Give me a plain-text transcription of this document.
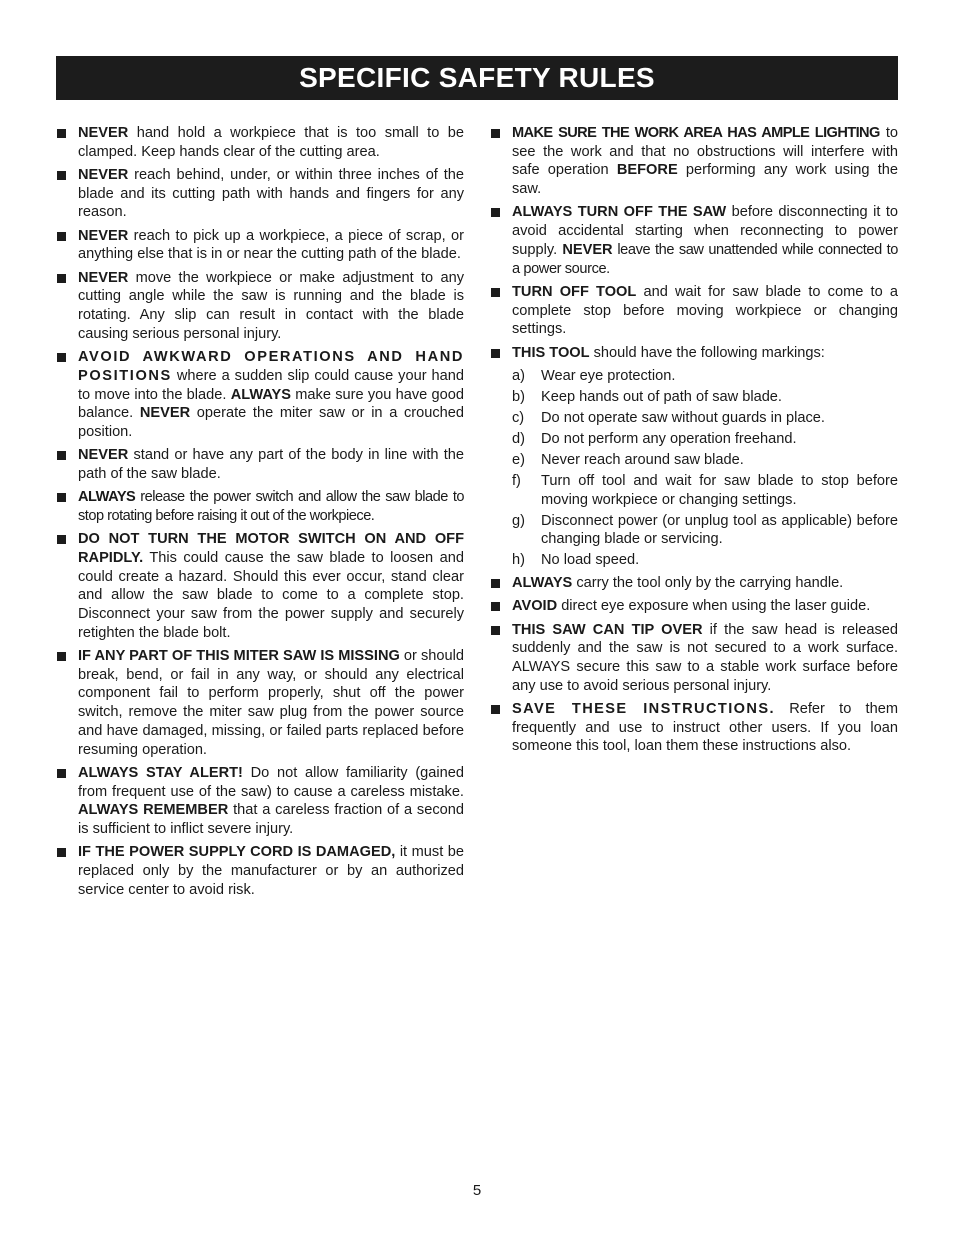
SPECIFIC SAFETY RULES
NEVER hand hold a workpiece that is too small to be clamped. Keep hands clear of the cutting area.
NEVER reach behind, under, or within three inches of the blade and its cutting path with hands and fingers for any reason.
NEVER reach to pick up a workpiece, a piece of scrap, or anything else that is in or near the cutting path of the blade.
NEVER move the workpiece or make adjustment to any cutting angle while the saw is running and the blade is rotating. Any slip can result in contact with the blade causing serious personal injury.
AVOID AWKWARD OPERATIONS AND HAND POSITIONS where a sudden slip could cause your hand to move into the blade. ALWAYS make sure you have good balance. NEVER operate the miter saw or in a crouched position.
NEVER stand or have any part of the body in line with the path of the saw blade.
ALWAYS release the power switch and allow the saw blade to stop rotating before raising it out of the workpiece.
DO NOT TURN THE MOTOR SWITCH ON AND OFF RAPIDLY. This could cause the saw blade to loosen and could create a hazard. Should this ever occur, stand clear and allow the saw blade to come to a complete stop. Disconnect your saw from the power supply and securely retighten the blade bolt.
IF ANY PART OF THIS MITER SAW IS MISSING or should break, bend, or fail in any way, or should any electrical component fail to perform properly, shut off the power switch, remove the miter saw plug from the power source and have damaged, missing, or failed parts replaced before resuming operation.
ALWAYS STAY ALERT! Do not allow familiarity (gained from frequent use of the saw) to cause a careless mistake. ALWAYS REMEMBER that a careless fraction of a second is sufficient to inflict severe injury.
IF THE POWER SUPPLY CORD IS DAMAGED, it must be replaced only by the manufacturer or by an authorized service center to avoid risk.
MAKE SURE THE WORK AREA HAS AMPLE LIGHTING to see the work and that no obstructions will interfere with safe operation BEFORE performing any work using the saw.
ALWAYS TURN OFF THE SAW before disconnecting it to avoid accidental starting when reconnecting to power supply. NEVER leave the saw unattended while connected to a power source.
TURN OFF TOOL and wait for saw blade to come to a complete stop before moving workpiece or changing settings.
THIS TOOL should have the following markings:
a) Wear eye protection.
b) Keep hands out of path of saw blade.
c) Do not operate saw without guards in place.
d) Do not perform any operation freehand.
e) Never reach around saw blade.
f) Turn off tool and wait for saw blade to stop before moving workpiece or changing settings.
g) Disconnect power (or unplug tool as applicable) before changing blade or servicing.
h) No load speed.
ALWAYS carry the tool only by the carrying handle.
AVOID direct eye exposure when using the laser guide.
THIS SAW CAN TIP OVER if the saw head is released suddenly and the saw is not secured to a work surface. ALWAYS secure this saw to a stable work surface before any use to avoid serious personal injury.
SAVE THESE INSTRUCTIONS. Refer to them frequently and use to instruct other users. If you loan someone this tool, loan them these instructions also.
5
